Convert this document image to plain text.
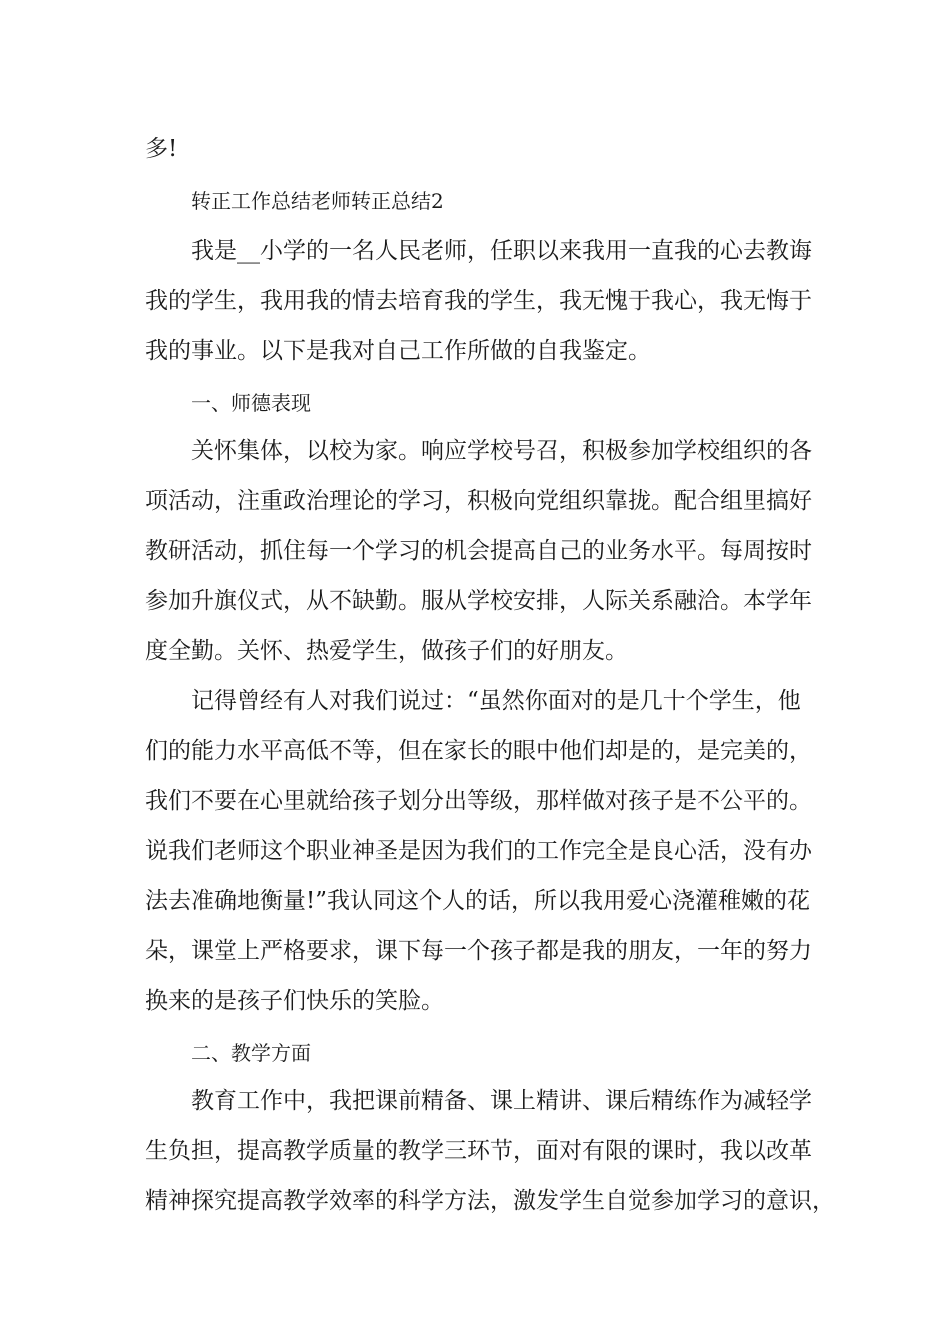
多!

转正工作总结老师转正总结2

我是__小学的一名人民老师，任职以来我用一直我的心去教诲

我的学生，我用我的情去培育我的学生，我无愧于我心，我无悔于

我的事业。以下是我对自己工作所做的自我鉴定。

一、师德表现

关怀集体，以校为家。响应学校号召，积极参加学校组织的各

项活动，注重政治理论的学习，积极向党组织靠拢。配合组里搞好

教研活动，抓住每一个学习的机会提高自己的业务水平。每周按时

参加升旗仪式，从不缺勤。服从学校安排，人际关系融洽。本学年

度全勤。关怀、热爱学生，做孩子们的好朋友。

记得曾经有人对我们说过：“虽然你面对的是几十个学生，他

们的能力水平高低不等，但在家长的眼中他们却是的，是完美的，

我们不要在心里就给孩子划分出等级，那样做对孩子是不公平的。

说我们老师这个职业神圣是因为我们的工作完全是良心活，没有办

法去准确地衡量!”我认同这个人的话，所以我用爱心浇灌稚嫩的花

朵，课堂上严格要求，课下每一个孩子都是我的朋友，一年的努力

换来的是孩子们快乐的笑脸。

二、教学方面

教育工作中，我把课前精备、课上精讲、课后精练作为减轻学

生负担，提高教学质量的教学三环节，面对有限的课时，我以改革

精神探究提高教学效率的科学方法，激发学生自觉参加学习的意识，
